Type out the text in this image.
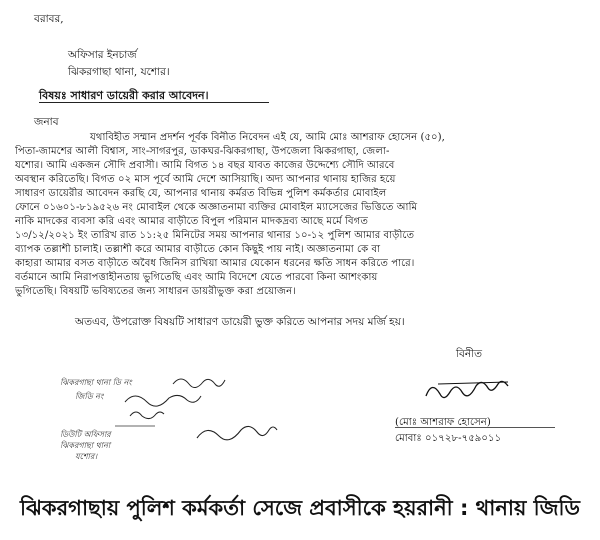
বরাবর,
অফিসার ইনচার্জ
ঝিকরগাছা থানা, যশোর।
বিষয়ঃ সাধারণ ডায়েরী করার আবেদন।
জনাব
যথাবিহীত সম্মান প্রদর্শন পূর্বক বিনীত নিবেদন এই যে, আমি মোঃ আশরাফ হোসেন (৫০),
পিতা-জামশের আলী বিশ্বাস, সাং-সাগরপুর, ডাকঘর-ঝিকরগাছা, উপজেলা ঝিকরগাছা, জেলা-
যশোর। আমি একজন সৌদি প্রবাসী। আমি বিগত ১৪ বছর যাবত কাজের উদ্দেশ্যে সৌদি আরবে
অবস্থান করিতেছি। বিগত ০২ মাস পূর্বে আমি দেশে আসিয়াছি। অদ্য আপনার থানায় হাজির হয়ে
সাধারণ ডায়েরীর আবেদন করছি যে, আপনার থানায় কর্মরত বিভিন্ন পুলিশ কর্মকর্তার মোবাইল
ফোনে ০১৬০১-৮১৯৫২৬ নং মোবাইল থেকে অজ্ঞাতনামা ব্যক্তির মোবাইল ম্যাসেজের ভিত্তিতে আমি
নাকি মাদকের ব্যবসা করি এবং আমার বাড়ীতে বিপুল পরিমান মাদকদ্রব্য আছে মর্মে বিগত
১৩/১২/২০২১ ইং তারিখ রাত ১১:২৫ মিনিটের সময় আপনার থানার ১০-১২ পুলিশ আমার বাড়ীতে
ব্যাপক তল্লাশী চালাই। তল্লাশী করে আমার বাড়ীতে কোন কিছুই পায় নাই। অজ্ঞাতনামা কে বা
কাহারা আমার বসত বাড়ীতে অবৈধ জিনিস রাখিয়া আমার যেকোন ধরনের ক্ষতি সাধন করিতে পারে।
বর্তমানে আমি নিরাপত্তাহীনতায় ভুগিতেছি এবং আমি বিদেশে যেতে পারবো কিনা আশংকায়
ভুগিতেছি। বিষয়টি ভবিষ্যতের জন্য সাধারন ডায়রীভুক্ত করা প্রয়োজন।
অতএব, উপরোক্ত বিষয়টি সাধারণ ডায়েরী ভুক্ত করিতে আপনার সদয় মর্জি হয়।
বিনীত
ঝিকরগাছা থানা ডি নং
জিডি নং
ডিউটি অফিসার
ঝিকরগাছা থানা
যশোর।
(মোঃ আশরাফ হোসেন)
মোবাঃ ০১৭২৮-৭৫৯০১১
ঝিকরগাছায় পুলিশ কর্মকর্তা সেজে প্রবাসীকে হয়রানী : থানায় জিডি
